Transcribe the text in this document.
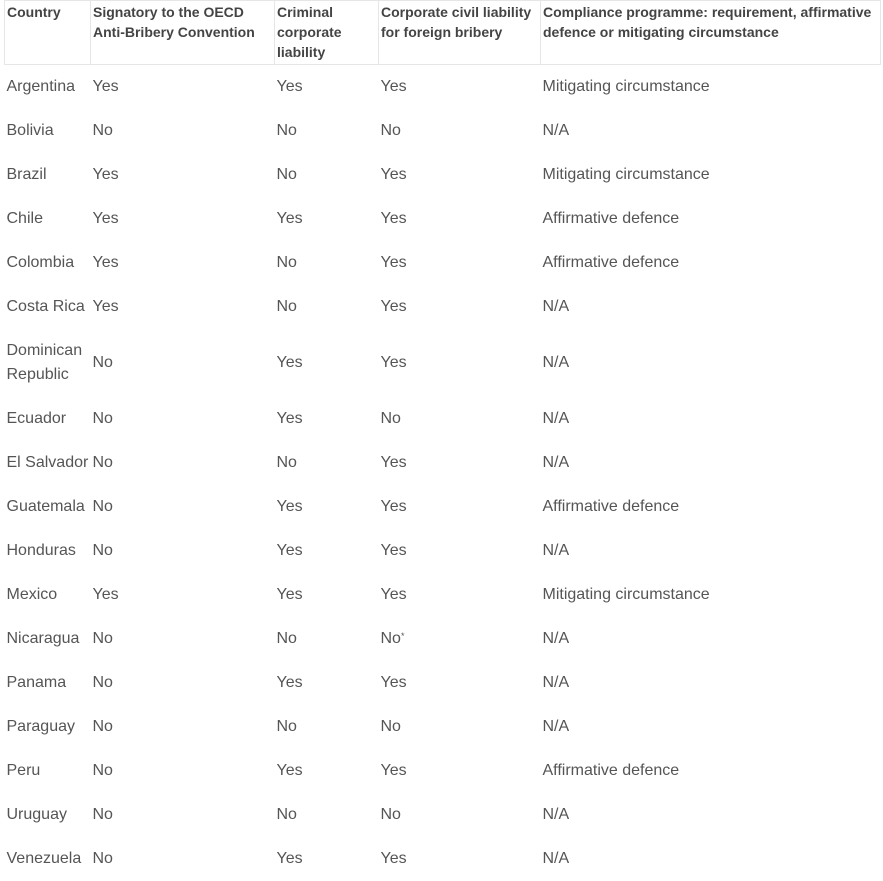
Country	Signatory to the OECD Anti-Bribery Convention	Criminal corporate liability	Corporate civil liability for foreign bribery	Compliance programme: requirement, affirmative defence or mitigating circumstance
Argentina	Yes	Yes	Yes	Mitigating circumstance
Bolivia	No	No	No	N/A
Brazil	Yes	No	Yes	Mitigating circumstance
Chile	Yes	Yes	Yes	Affirmative defence
Colombia	Yes	No	Yes	Affirmative defence
Costa Rica	Yes	No	Yes	N/A
Dominican Republic	No	Yes	Yes	N/A
Ecuador	No	Yes	No	N/A
El Salvador	No	No	Yes	N/A
Guatemala	No	Yes	Yes	Affirmative defence
Honduras	No	Yes	Yes	N/A
Mexico	Yes	Yes	Yes	Mitigating circumstance
Nicaragua	No	No	No*	N/A
Panama	No	Yes	Yes	N/A
Paraguay	No	No	No	N/A
Peru	No	Yes	Yes	Affirmative defence
Uruguay	No	No	No	N/A
Venezuela	No	Yes	Yes	N/A
